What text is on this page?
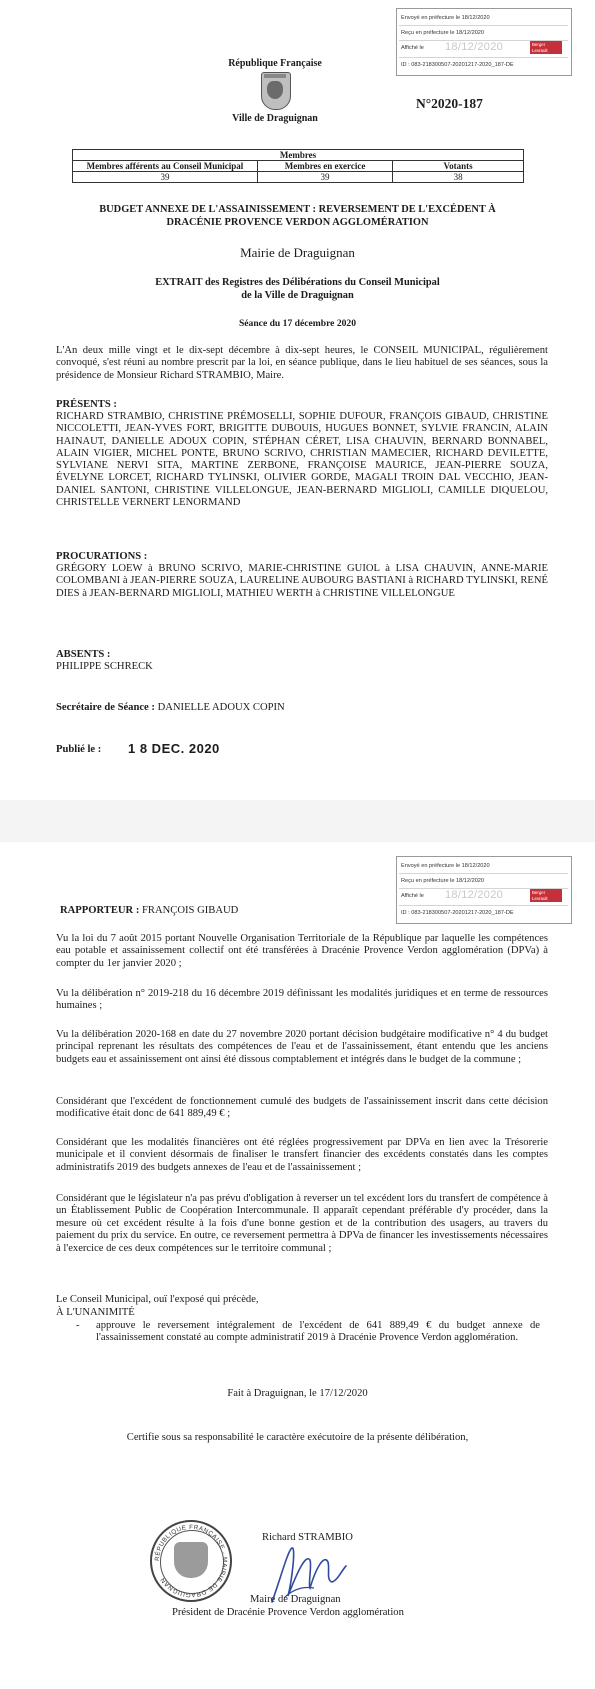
Envoyé en préfecture le 18/12/2020
Reçu en préfecture le 18/12/2020
Affiché le 18/12/2020	Berger Levrault
ID : 083-218300507-20201217-2020_187-DE
République Française
Ville de Draguignan
N°2020-187
Membres		
Membres afférents au Conseil Municipal	Membres en exercice	Votants
39	39	38
BUDGET ANNEXE DE L'ASSAINISSEMENT : REVERSEMENT DE L'EXCÉDENT À
DRACÉNIE PROVENCE VERDON AGGLOMÉRATION
Mairie de Draguignan
EXTRAIT des Registres des Délibérations du Conseil Municipal
de la Ville de Draguignan
Séance du 17 décembre 2020
L'An deux mille vingt et le dix-sept décembre à dix-sept heures, le CONSEIL MUNICIPAL, régulièrement convoqué, s'est réuni au nombre prescrit par la loi, en séance publique, dans le lieu habituel de ses séances, sous la présidence de Monsieur Richard STRAMBIO, Maire.
PRÉSENTS :
RICHARD STRAMBIO, CHRISTINE PRÉMOSELLI, SOPHIE DUFOUR, FRANÇOIS GIBAUD, CHRISTINE NICCOLETTI, JEAN-YVES FORT, BRIGITTE DUBOUIS, HUGUES BONNET, SYLVIE FRANCIN, ALAIN HAINAUT, DANIELLE ADOUX COPIN, STÉPHAN CÉRET, LISA CHAUVIN, BERNARD BONNABEL, ALAIN VIGIER, MICHEL PONTE, BRUNO SCRIVO, CHRISTIAN MAMECIER, RICHARD DEVILETTE, SYLVIANE NERVI SITA, MARTINE ZERBONE, FRANÇOISE MAURICE, JEAN-PIERRE SOUZA, ÉVELYNE LORCET, RICHARD TYLINSKI, OLIVIER GORDE, MAGALI TROIN DAL VECCHIO, JEAN-DANIEL SANTONI, CHRISTINE VILLELONGUE, JEAN-BERNARD MIGLIOLI, CAMILLE DIQUELOU, CHRISTELLE VERNERT LENORMAND
PROCURATIONS :
GRÉGORY LOEW à BRUNO SCRIVO, MARIE-CHRISTINE GUIOL à LISA CHAUVIN, ANNE-MARIE COLOMBANI à JEAN-PIERRE SOUZA, LAURELINE AUBOURG BASTIANI à RICHARD TYLINSKI, RENÉ DIES à JEAN-BERNARD MIGLIOLI, MATHIEU WERTH à CHRISTINE VILLELONGUE
ABSENTS :
PHILIPPE SCHRECK
Secrétaire de Séance : DANIELLE ADOUX COPIN
Publié le : 1 8 DEC. 2020
Envoyé en préfecture le 18/12/2020
Reçu en préfecture le 18/12/2020
Affiché le 18/12/2020	Berger Levrault
ID : 083-218300507-20201217-2020_187-DE
RAPPORTEUR : FRANÇOIS GIBAUD
Vu la loi du 7 août 2015 portant Nouvelle Organisation Territoriale de la République par laquelle les compétences eau potable et assainissement collectif ont été transférées à Dracénie Provence Verdon agglomération (DPVa) à compter du 1er janvier 2020 ;
Vu la délibération n° 2019-218 du 16 décembre 2019 définissant les modalités juridiques et en terme de ressources humaines ;
Vu la délibération 2020-168 en date du 27 novembre 2020 portant décision budgétaire modificative n° 4 du budget principal reprenant les résultats des compétences de l'eau et de l'assainissement, étant entendu que les anciens budgets eau et assainissement ont ainsi été dissous comptablement et intégrés dans le budget de la commune ;
Considérant que l'excédent de fonctionnement cumulé des budgets de l'assainissement inscrit dans cette décision modificative était donc de 641 889,49 € ;
Considérant que les modalités financières ont été réglées progressivement par DPVa en lien avec la Trésorerie municipale et il convient désormais de finaliser le transfert financier des excédents constatés dans les comptes administratifs 2019 des budgets annexes de l'eau et de l'assainissement ;
Considérant que le législateur n'a pas prévu d'obligation à reverser un tel excédent lors du transfert de compétence à un Établissement Public de Coopération Intercommunale. Il apparaît cependant préférable d'y procéder, dans la mesure où cet excédent résulte à la fois d'une bonne gestion et de la contribution des usagers, au travers du paiement du prix du service. En outre, ce reversement permettra à DPVa de financer les investissements nécessaires à l'exercice de ces deux compétences sur le territoire communal ;
Le Conseil Municipal, ouï l'exposé qui précède,
À L'UNANIMITÉ
- approuve le reversement intégralement de l'excédent de 641 889,49 € du budget annexe de l'assainissement constaté au compte administratif 2019 à Dracénie Provence Verdon agglomération.
Fait à Draguignan, le 17/12/2020
Certifie sous sa responsabilité le caractère exécutoire de la présente délibération,
RÉPUBLIQUE FRANÇAISE · MAIRIE DE DRAGUIGNAN
Richard STRAMBIO
Maire de Draguignan
Président de Dracénie Provence Verdon agglomération
